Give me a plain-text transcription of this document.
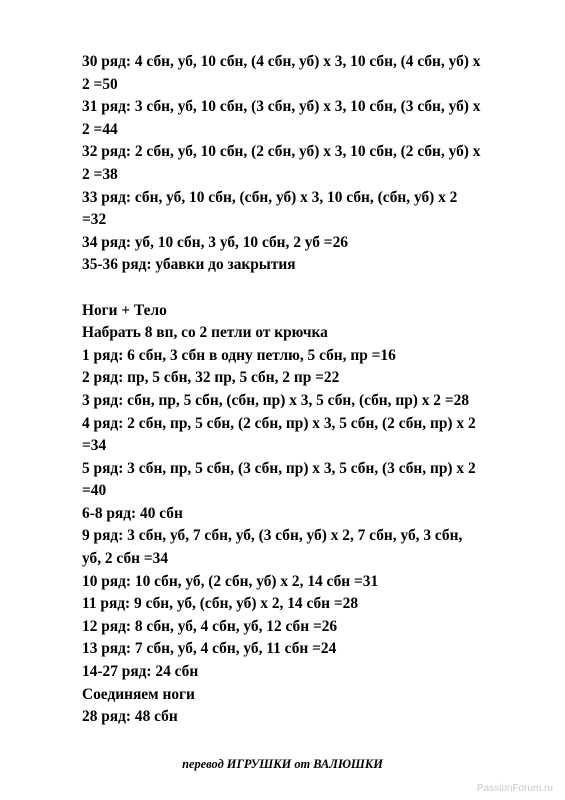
30 ряд: 4 сбн, уб, 10 сбн, (4 сбн, уб) х 3, 10 сбн, (4 сбн, уб) х

2 =50

31 ряд: 3 сбн, уб, 10 сбн, (3 сбн, уб) х 3, 10 сбн, (3 сбн, уб) х

2 =44

32 ряд: 2 сбн, уб, 10 сбн, (2 сбн, уб) х 3, 10 сбн, (2 сбн, уб) х

2 =38

33 ряд: сбн, уб, 10 сбн, (сбн, уб) х 3, 10 сбн, (сбн, уб) х 2

=32

34 ряд: уб, 10 сбн, 3 уб, 10 сбн, 2 уб =26

35-36 ряд: убавки до закрытия

Ноги + Тело

Набрать 8 вп, со 2 петли от крючка

1 ряд: 6 сбн, 3 сбн в одну петлю, 5 сбн, пр =16

2 ряд: пр, 5 сбн, 32 пр, 5 сбн, 2 пр =22

3 ряд: сбн, пр, 5 сбн, (сбн, пр) х 3, 5 сбн, (сбн, пр) х 2 =28

4 ряд: 2 сбн, пр, 5 сбн, (2 сбн, пр) х 3, 5 сбн, (2 сбн, пр) х 2

=34

5 ряд: 3 сбн, пр, 5 сбн, (3 сбн, пр) х 3, 5 сбн, (3 сбн, пр) х 2

=40

6-8 ряд: 40 сбн

9 ряд: 3 сбн, уб, 7 сбн, уб, (3 сбн, уб) х 2, 7 сбн, уб, 3 сбн,

уб, 2 сбн =34

10 ряд: 10 сбн, уб, (2 сбн, уб) х 2, 14 сбн =31

11 ряд: 9 сбн, уб, (сбн, уб) х 2, 14 сбн =28

12 ряд: 8 сбн, уб, 4 сбн, уб, 12 сбн =26

13 ряд: 7 сбн, уб, 4 сбн, уб, 11 сбн =24

14-27 ряд: 24 сбн

Соединяем ноги

28 ряд: 48 сбн

перевод ИГРУШКИ от ВАЛЮШКИ
PassionForum.ru
